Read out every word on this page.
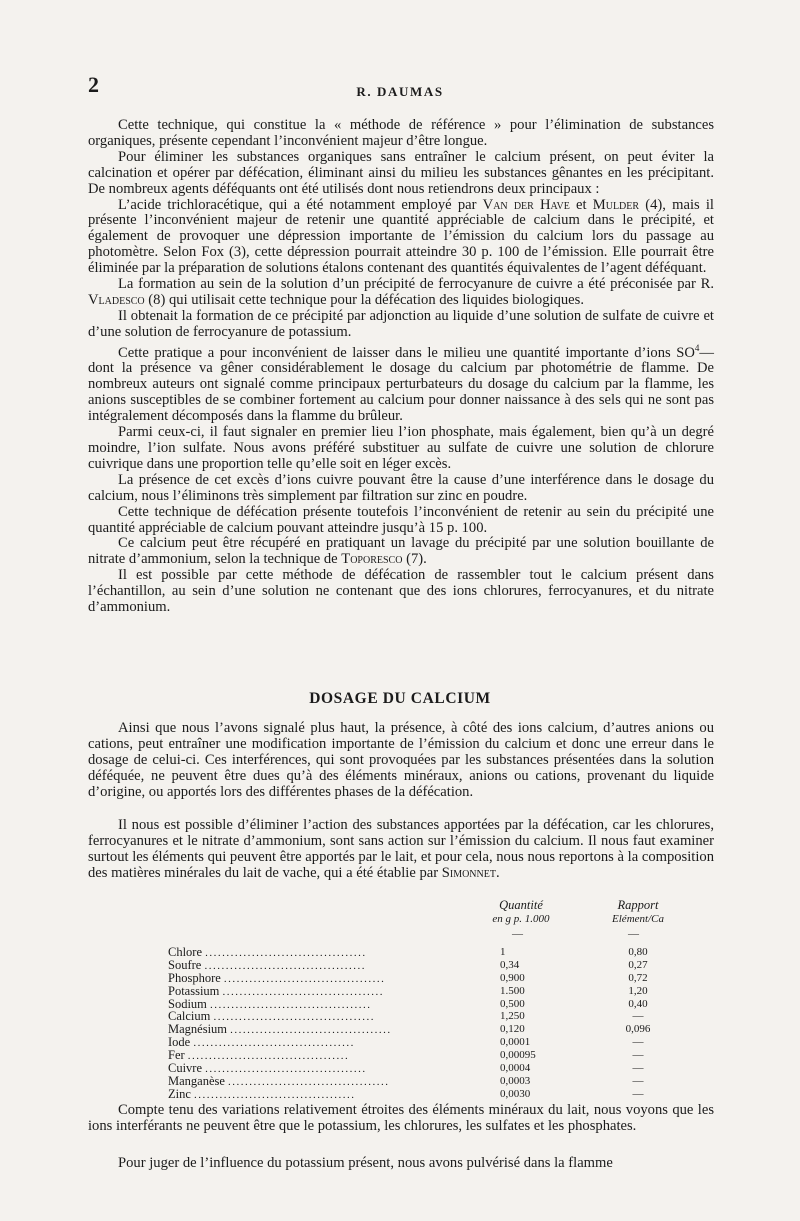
2	R. DAUMAS

Cette technique, qui constitue la « méthode de référence » pour l’élimination de substances organiques, présente cependant l’inconvénient majeur d’être longue.

Pour éliminer les substances organiques sans entraîner le calcium présent, on peut éviter la calcination et opérer par défécation, éliminant ainsi du milieu les substances gênantes en les précipitant. De nombreux agents déféquants ont été utilisés dont nous retiendrons deux principaux :

L’acide trichloracétique, qui a été notamment employé par Van der Have et Mulder (4), mais il présente l’inconvénient majeur de retenir une quantité appréciable de calcium dans le précipité, et également de provoquer une dépression importante de l’émission du calcium lors du passage au photomètre. Selon Fox (3), cette dépression pourrait atteindre 30 p. 100 de l’émission. Elle pourrait être éliminée par la préparation de solutions étalons contenant des quantités équivalentes de l’agent déféquant.

La formation au sein de la solution d’un précipité de ferrocyanure de cuivre a été préconisée par R. Vladesco (8) qui utilisait cette technique pour la défécation des liquides biologiques.

Il obtenait la formation de ce précipité par adjonction au liquide d’une solution de sulfate de cuivre et d’une solution de ferrocyanure de potassium.

Cette pratique a pour inconvénient de laisser dans le milieu une quantité importante d’ions $SO^4—$ dont la présence va gêner considérablement le dosage du calcium par photométrie de flamme. De nombreux auteurs ont signalé comme principaux perturbateurs du dosage du calcium par la flamme, les anions susceptibles de se combiner fortement au calcium pour donner naissance à des sels qui ne sont pas intégralement décomposés dans la flamme du brûleur.

Parmi ceux-ci, il faut signaler en premier lieu l’ion phosphate, mais également, bien qu’à un degré moindre, l’ion sulfate. Nous avons préféré substituer au sulfate de cuivre une solution de chlorure cuivrique dans une proportion telle qu’elle soit en léger excès.

La présence de cet excès d’ions cuivre pouvant être la cause d’une interférence dans le dosage du calcium, nous l’éliminons très simplement par filtration sur zinc en poudre.

Cette technique de défécation présente toutefois l’inconvénient de retenir au sein du précipité une quantité appréciable de calcium pouvant atteindre jusqu’à 15 p. 100.

Ce calcium peut être récupéré en pratiquant un lavage du précipité par une solution bouillante de nitrate d’ammonium, selon la technique de Toporesco (7).

Il est possible par cette méthode de défécation de rassembler tout le calcium présent dans l’échantillon, au sein d’une solution ne contenant que des ions chlorures, ferrocyanures, et du nitrate d’ammonium.

DOSAGE DU CALCIUM

Ainsi que nous l’avons signalé plus haut, la présence, à côté des ions calcium, d’autres anions ou cations, peut entraîner une modification importante de l’émission du calcium et donc une erreur dans le dosage de celui-ci. Ces interférences, qui sont provoquées par les substances présentées dans la solution déféquée, ne peuvent être dues qu’à des éléments minéraux, anions ou cations, provenant du liquide d’origine, ou apportés lors des différentes phases de la défécation.

Il nous est possible d’éliminer l’action des substances apportées par la défécation, car les chlorures, ferrocyanures et le nitrate d’ammonium, sont sans action sur l’émission du calcium. Il nous faut examiner surtout les éléments qui peuvent être apportés par le lait, et pour cela, nous nous reportons à la composition des matières minérales du lait de vache, qui a été établie par Simonnet.

Quantité
en g p. 1.000
Rapport
Elément/Ca
—	—
Chlore ......................................	1	0,80
Soufre ......................................	0,34	0,27
Phosphore ......................................	0,900	0,72
Potassium ......................................	1.500	1,20
Sodium ......................................	0,500	0,40
Calcium ......................................	1,250	—
Magnésium ......................................	0,120	0,096
Iode ......................................	0,0001	—
Fer ......................................	0,00095	—
Cuivre ......................................	0,0004	—
Manganèse ......................................	0,0003	—
Zinc ......................................	0,0030	—

Compte tenu des variations relativement étroites des éléments minéraux du lait, nous voyons que les ions interférants ne peuvent être que le potassium, les chlorures, les sulfates et les phosphates.

Pour juger de l’influence du potassium présent, nous avons pulvérisé dans la flamme
